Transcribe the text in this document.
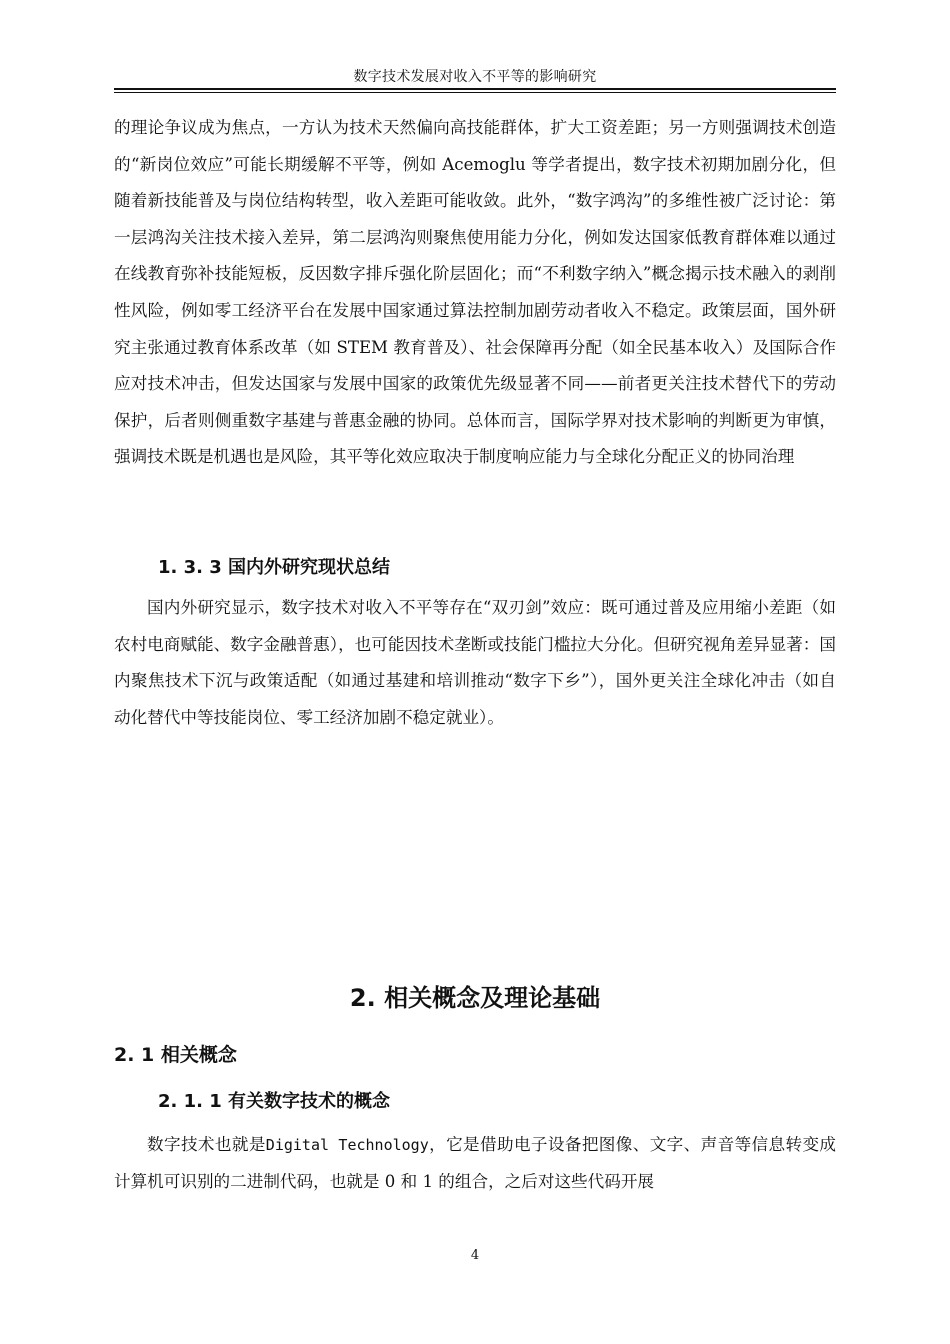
数字技术发展对收入不平等的影响研究
的理论争议成为焦点，一方认为技术天然偏向高技能群体，扩大工资差距；另一方则强调技术创造的“新岗位效应”可能长期缓解不平等，例如 Acemoglu 等学者提出，数字技术初期加剧分化，但随着新技能普及与岗位结构转型，收入差距可能收敛。此外，“数字鸿沟”的多维性被广泛讨论：第一层鸿沟关注技术接入差异，第二层鸿沟则聚焦使用能力分化，例如发达国家低教育群体难以通过在线教育弥补技能短板，反因数字排斥强化阶层固化；而“不利数字纳入”概念揭示技术融入的剥削性风险，例如零工经济平台在发展中国家通过算法控制加剧劳动者收入不稳定。政策层面，国外研究主张通过教育体系改革（如 STEM 教育普及）、社会保障再分配（如全民基本收入）及国际合作应对技术冲击，但发达国家与发展中国家的政策优先级显著不同——前者更关注技术替代下的劳动保护，后者则侧重数字基建与普惠金融的协同。总体而言，国际学界对技术影响的判断更为审慎，强调技术既是机遇也是风险，其平等化效应取决于制度响应能力与全球化分配正义的协同治理
1. 3. 3 国内外研究现状总结
国内外研究显示，数字技术对收入不平等存在“双刃剑”效应：既可通过普及应用缩小差距（如农村电商赋能、数字金融普惠），也可能因技术垄断或技能门槛拉大分化。但研究视角差异显著：国内聚焦技术下沉与政策适配（如通过基建和培训推动“数字下乡”），国外更关注全球化冲击（如自动化替代中等技能岗位、零工经济加剧不稳定就业）。
2. 相关概念及理论基础
2. 1 相关概念
2. 1. 1 有关数字技术的概念
数字技术也就是Digital Technology，它是借助电子设备把图像、文字、声音等信息转变成计算机可识别的二进制代码，也就是 0 和 1 的组合，之后对这些代码开展
4
